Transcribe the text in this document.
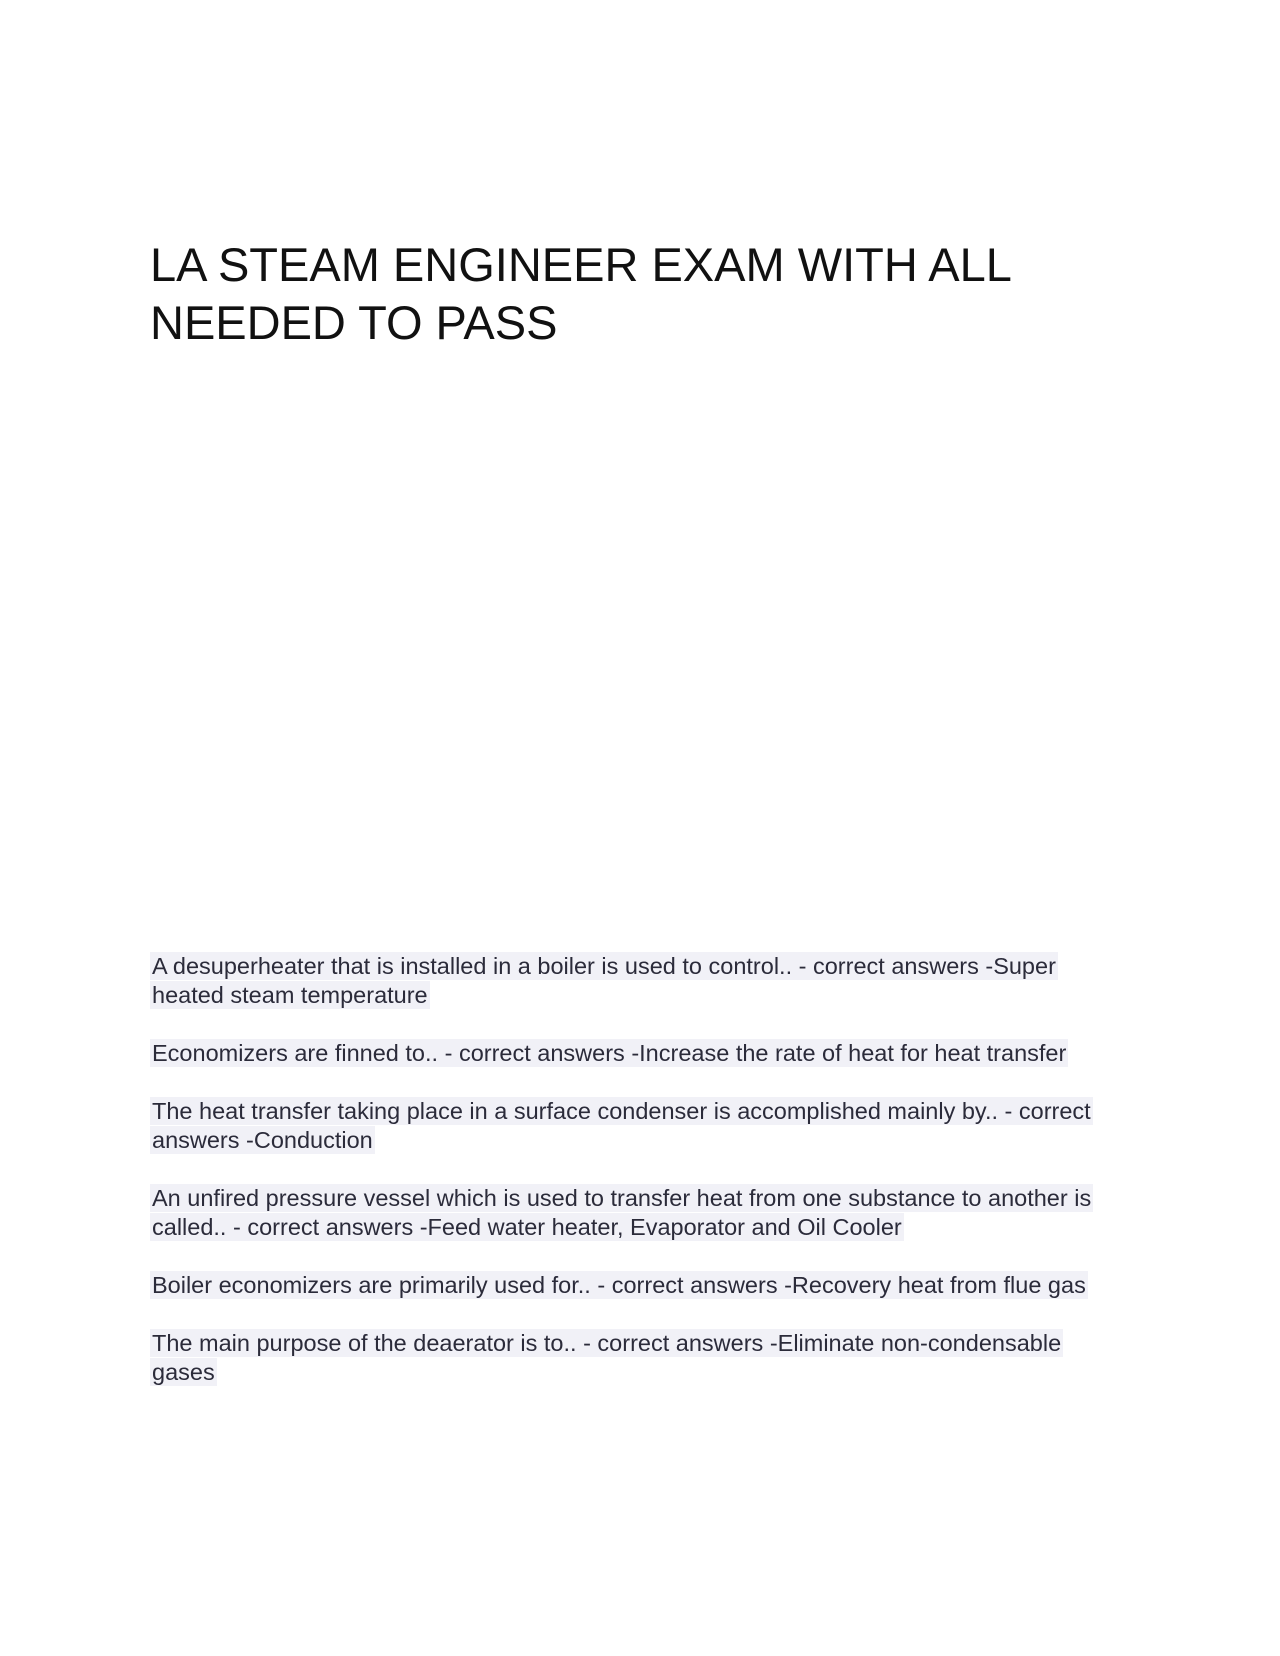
LA STEAM ENGINEER EXAM WITH ALL NEEDED TO PASS
A desuperheater that is installed in a boiler is used to control.. - correct answers -Super heated steam temperature
Economizers are finned to.. - correct answers -Increase the rate of heat for heat transfer
The heat transfer taking place in a surface condenser is accomplished mainly by.. - correct answers -Conduction
An unfired pressure vessel which is used to transfer heat from one substance to another is called.. - correct answers -Feed water heater, Evaporator and Oil Cooler
Boiler economizers are primarily used for.. - correct answers -Recovery heat from flue gas
The main purpose of the deaerator is to.. - correct answers -Eliminate non-condensable gases
